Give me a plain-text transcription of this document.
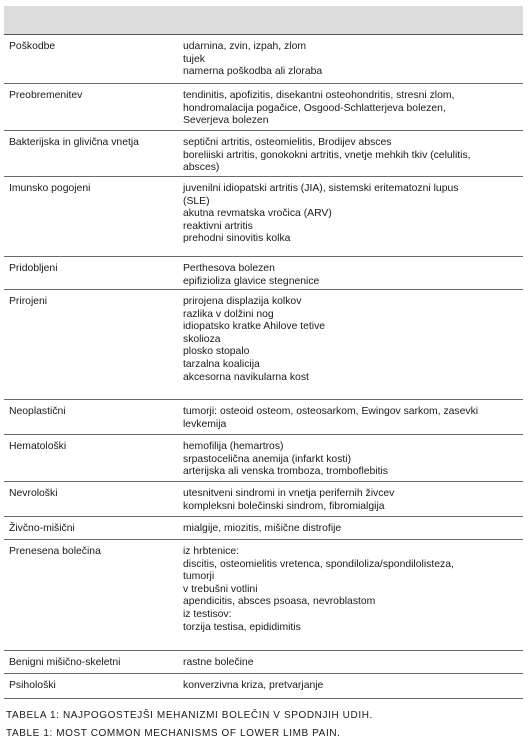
Poškodbe	udarnina, zvin, izpah, zlom
tujek
namerna poškodba ali zloraba
Preobremenitev	tendinitis, apofizitis, disekantni osteohondritis, stresni zlom,
hondromalacija pogačice, Osgood-Schlatterjeva bolezen,
Severjeva bolezen
Bakterijska in glivična vnetja	septični artritis, osteomielitis, Brodijev absces
boreliiski artritis, gonokokni artritis, vnetje mehkih tkiv (celulitis,
absces)
Imunsko pogojeni	juvenilni idiopatski artritis (JIA), sistemski eritematozni lupus
(SLE)
akutna revmatska vročica (ARV)
reaktivni artritis
prehodni sinovitis kolka
Pridobljeni	Perthesova bolezen
epifizioliza glavice stegnenice
Prirojeni	prirojena displazija kolkov
razlika v dolžini nog
idiopatsko kratke Ahilove tetive
skolioza
plosko stopalo
tarzalna koalicija
akcesorna navikularna kost
Neoplastični	tumorji: osteoid osteom, osteosarkom, Ewingov sarkom, zasevki
levkemija
Hematološki	hemofilija (hemartros)
srpastocelična anemija (infarkt kosti)
arterijska ali venska tromboza, tromboflebitis
Nevrološki	utesnitveni sindromi in vnetja perifernih živcev
kompleksni bolečinski sindrom, fibromialgija
Živčno-mišični	mialgije, miozitis, mišične distrofije
Prenesena bolečina	iz hrbtenice:
discitis, osteomielitis vretenca, spondiloliza/spondilolisteza,
tumorji
v trebušni votlini
apendicitis, absces psoasa, nevroblastom
iz testisov:
torzija testisa, epididimitis
Benigni mišično-skeletni	rastne bolečine
Psihološki	konverzivna kriza, pretvarjanje
TABELA 1: NAJPOGOSTEJŠI MEHANIZMI BOLEČIN V SPODNJIH UDIH.
TABLE 1: MOST COMMON MECHANISMS OF LOWER LIMB PAIN.
